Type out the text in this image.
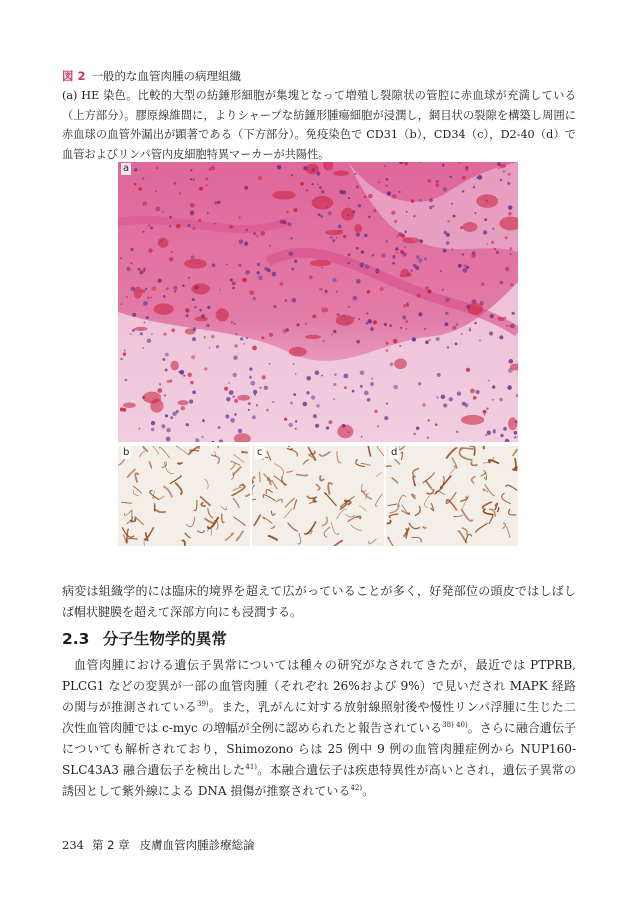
図 2 一般的な血管肉腫の病理組織
(a) HE 染色。比較的大型の紡錘形細胞が集塊となって増殖し裂隙状の管腔に赤血球が充満している（上方部分）。膠原線維間に，よりシャープな紡錘形腫瘍細胞が浸潤し，網目状の裂隙を構築し周囲に赤血球の血管外漏出が顕著である（下方部分）。免疫染色で CD31（b），CD34（c），D2-40（d）で血管およびリンパ管内皮細胞特異マーカーが共陽性。
a
b	c	d
病変は組織学的には臨床的境界を超えて広がっていることが多く，好発部位の頭皮ではしばしば帽状腱膜を超えて深部方向にも浸潤する。
2.3 分子生物学的異常
血管肉腫における遺伝子異常については種々の研究がなされてきたが，最近では PTPRB, PLCG1 などの変異が一部の血管肉腫（それぞれ 26%および 9%）で見いだされ MAPK 経路の関与が推測されている$^{39)}$。また，乳がんに対する放射線照射後や慢性リンパ浮腫に生じた二次性血管肉腫では c-myc の増幅が全例に認められたと報告されている$^{38) 40)}$。さらに融合遺伝子についても解析されており，Shimozono らは 25 例中 9 例の血管肉腫症例から NUP160-SLC43A3 融合遺伝子を検出した$^{41)}$。本融合遺伝子は疾患特異性が高いとされ，遺伝子異常の誘因として紫外線による DNA 損傷が推察されている$^{42)}$。
234 第 2 章 皮膚血管肉腫診療総論
